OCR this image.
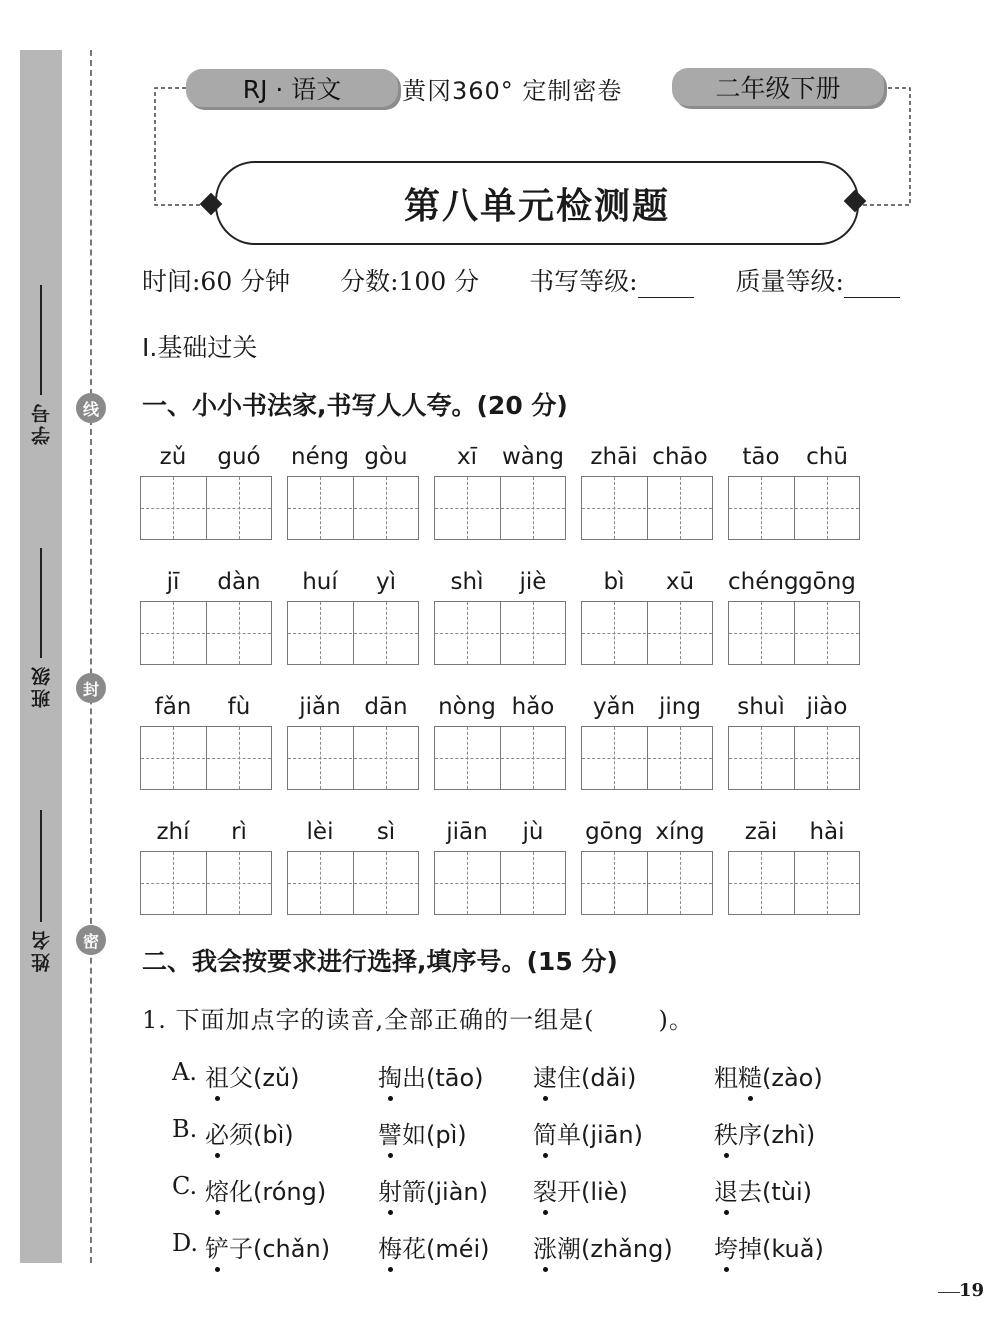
学号
班级
姓名
线
封
密
RJ · 语文	黄冈360° 定制密卷	二年级下册
第八单元检测题
时间:60 分钟 分数:100 分 书写等级:	质量等级:
Ⅰ.基础过关
一、小小书法家,书写人人夸。(20 分)
zǔ	guó	néng gòu	xī	wàng	zhāi chāo	tāo	chū
jī	dàn	huí	yì	shì	jiè	bì	xū	chéng gōng
fǎn	fù	jiǎn	dān	nòng hǎo	yǎn	jing	shuì jiào
zhí	rì	lèi	sì	jiān	jù	gōng xíng	zāi	hài
二、我会按要求进行选择,填序号。(15 分)
1. 下面加点字的读音,全部正确的一组是(	)。
A. 祖父(zǔ)	掏出(tāo) 逮住(dǎi)	粗糙(zào)
B. 必须(bì)	譬如(pì)	简单(jiān)	秩序(zhì)
C. 熔化(róng) 射箭(jiàn) 裂开(liè)	退去(tùi)
D. 铲子(chǎn) 梅花(méi) 涨潮(zhǎng) 垮掉(kuǎ)
19
